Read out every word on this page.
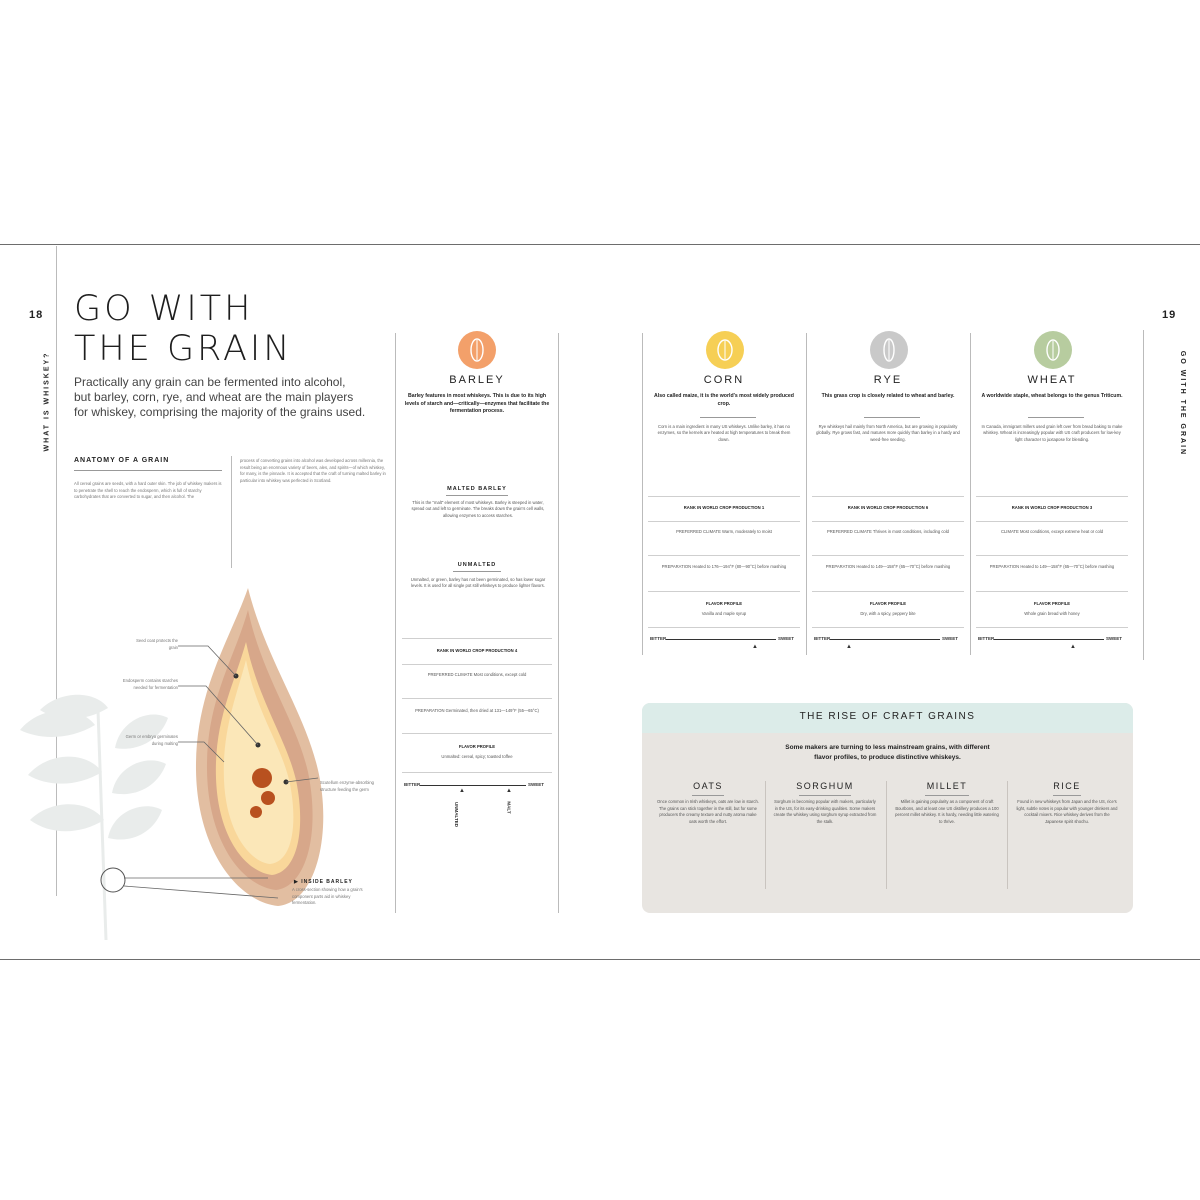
18
WHAT IS WHISKEY?
GO WITH
THE GRAIN
Practically any grain can be fermented into alcohol,
but barley, corn, rye, and wheat are the main players
for whiskey, comprising the majority of the grains used.
ANATOMY OF A GRAIN
All cereal grains are seeds, with a hard outer skin. The job of whiskey makers is to penetrate the shell to reach the endosperm, which is full of starchy carbohydrates that are converted to sugar, and then alcohol. The
process of converting grains into alcohol was developed across millennia, the result being an enormous variety of beers, ales, and spirits—of which whiskey, for many, is the pinnacle. It is accepted that the craft of turning malted barley in particular into whiskey was perfected in Scotland.
Seed coat protects the grain
Endosperm contains starches needed for fermentation
Germ or embryo germinates during malting
Scutellum enzyme-absorbing structure feeding the germ
▶ INSIDE BARLEY
A cross-section showing how a grain's component parts aid in whiskey fermentation.
BARLEY
Barley features in most whiskeys. This is due to its high levels of starch and—critically—enzymes that facilitate the fermentation process.
MALTED BARLEY
This is the "malt" element of most whiskeys. Barley is steeped in water, spread out and left to germinate. The breaks down the grain's cell walls, allowing enzymes to access starches.
UNMALTED
Unmalted, or green, barley has not been germinated, so has lower sugar levels. It is used for all single pot still whiskeys to produce lighter flavors.
RANK IN WORLD CROP PRODUCTION 4
PREFERRED CLIMATE Most conditions, except cold
PREPARATION Germinated, then dried at 131—149°F (55—65°C)
FLAVOR PROFILE
Unmalted: cereal, spicy; toasted toffee
BITTER	SWEET
▲	▲
UNMALTED	MALT
19
GO WITH THE GRAIN
CORN
Also called maize, it is the world's most widely produced crop.
Corn is a main ingredient in many US whiskeys. Unlike barley, it has no enzymes, so the kernels are heated at high temperatures to break them down.
RANK IN WORLD CROP PRODUCTION 1
PREFERRED CLIMATE Warm, moderately to moist
PREPARATION Heated to 176—194°F (80—90°C) before mashing
FLAVOR PROFILE
Vanilla and maple syrup
BITTER	SWEET
▲
RYE
This grass crop is closely related to wheat and barley.
Rye whiskeys hail mainly from North America, but are growing in popularity globally. Rye grows fast, and matures more quickly than barley in a hardy and weed-free seeding.
RANK IN WORLD CROP PRODUCTION 6
PREFERRED CLIMATE Thrives in most conditions, including cold
PREPARATION Heated to 149—158°F (65—70°C) before mashing
FLAVOR PROFILE
Dry, with a spicy, peppery bite
BITTER	SWEET
▲
WHEAT
A worldwide staple, wheat belongs to the genus Triticum.
In Canada, immigrant millers used grain left over from bread baking to make whiskey. Wheat is increasingly popular with US craft producers for low-key light character to juxtapose for blending.
RANK IN WORLD CROP PRODUCTION 3
CLIMATE Most conditions, except extreme heat or cold
PREPARATION Heated to 149—158°F (65—70°C) before mashing
FLAVOR PROFILE
Whole grain bread with honey
BITTER	SWEET
▲
THE RISE OF CRAFT GRAINS
Some makers are turning to less mainstream grains, with different
flavor profiles, to produce distinctive whiskeys.
OATS
Once common in Irish whiskeys, oats are low in starch. The grains can stick together in the still, but for some producers the creamy texture and nutty aroma make oats worth the effort.
SORGHUM
Sorghum is becoming popular with makers, particularly in the US, for its easy-drinking qualities. Some makers create the whiskey using sorghum syrup extracted from the stalk.
MILLET
Millet is gaining popularity as a component of craft Bourbons, and at least one US distillery produces a 100 percent millet whiskey. It is hardy, needing little watering to thrive.
RICE
Found in new whiskeys from Japan and the US, rice's light, subtle notes is popular with younger drinkers and cocktail mixers. Rice whiskey derives from the Japanese spirit shochu.
